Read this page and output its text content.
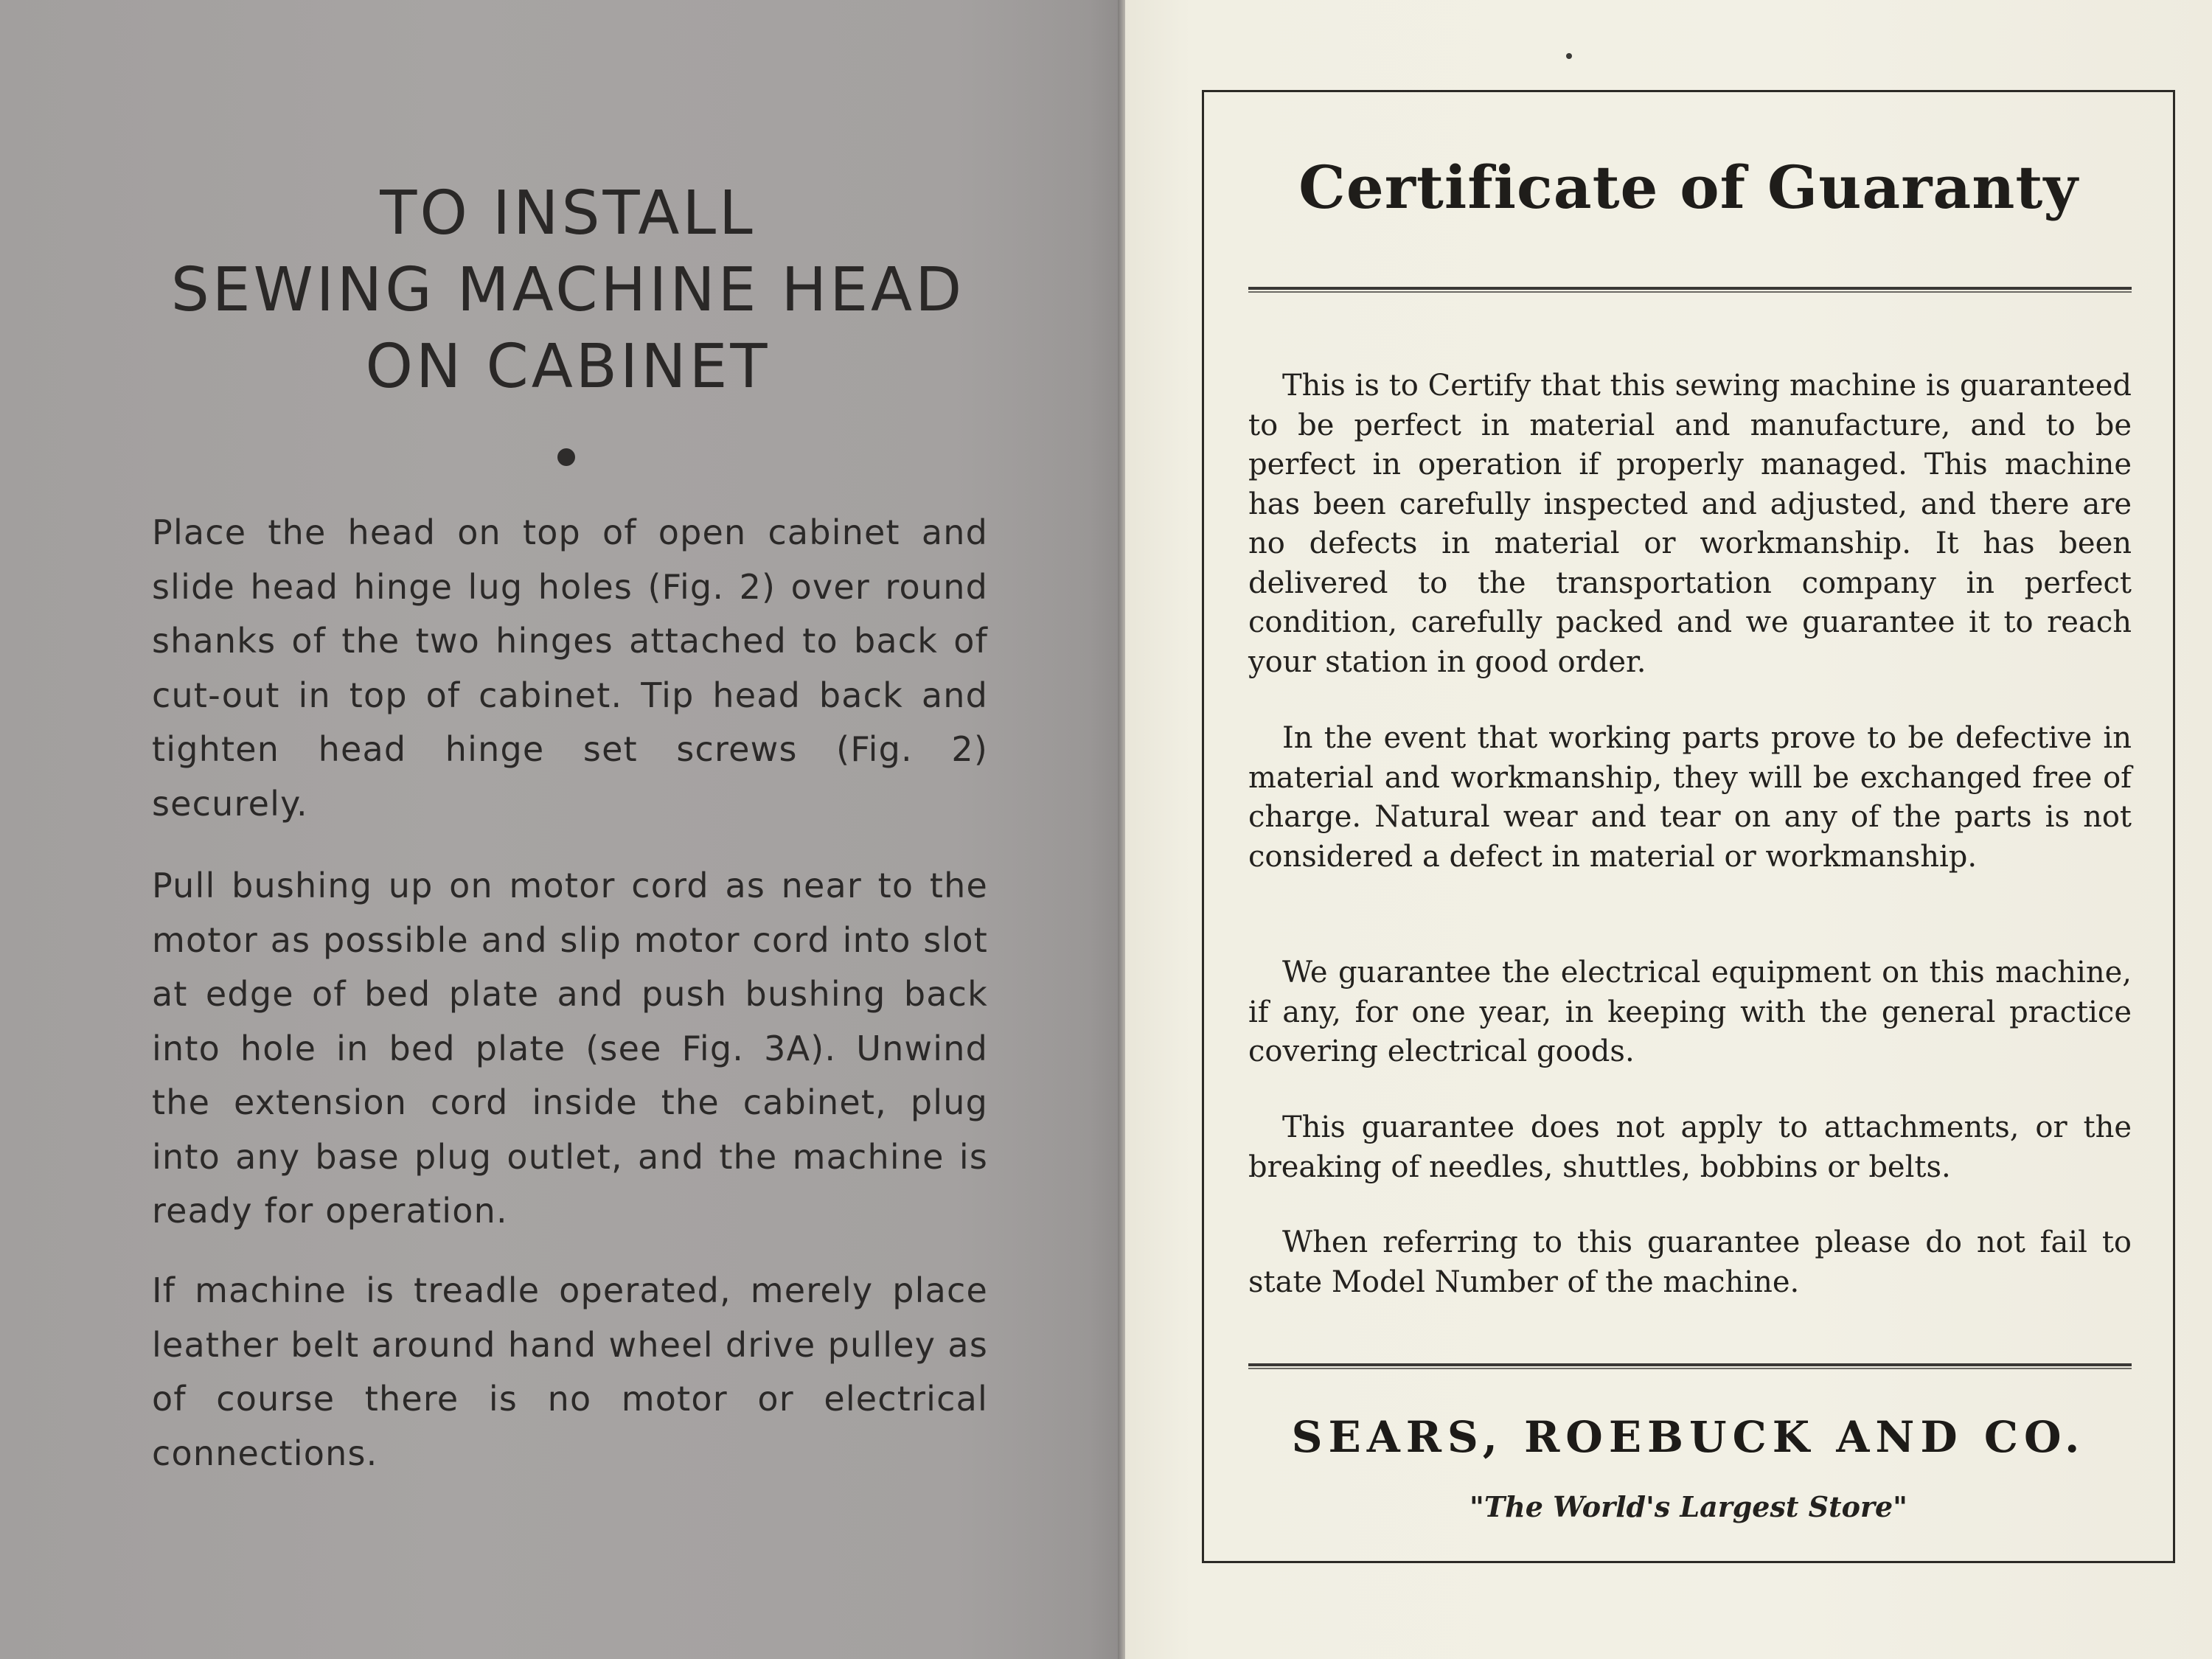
TO INSTALL
SEWING MACHINE HEAD
ON CABINET

Place the head on top of open cabinet and slide head hinge lug holes (Fig. 2) over round shanks of the two hinges attached to back of cut-out in top of cabinet. Tip head back and tighten head hinge set screws (Fig. 2) securely.

Pull bushing up on motor cord as near to the motor as possible and slip motor cord into slot at edge of bed plate and push bushing back into hole in bed plate (see Fig. 3A). Unwind the extension cord inside the cabinet, plug into any base plug outlet, and the machine is ready for operation.

If machine is treadle operated, merely place leather belt around hand wheel drive pulley as of course there is no motor or electrical connections.

Certificate of Guaranty

This is to Certify that this sewing machine is guaranteed to be perfect in material and manufacture, and to be perfect in operation if properly managed. This machine has been carefully inspected and adjusted, and there are no defects in material or workmanship. It has been delivered to the transportation company in perfect condition, carefully packed and we guarantee it to reach your station in good order.

In the event that working parts prove to be defective in material and workmanship, they will be exchanged free of charge. Natural wear and tear on any of the parts is not considered a defect in material or workmanship.

We guarantee the electrical equipment on this machine, if any, for one year, in keeping with the general practice covering electrical goods.

This guarantee does not apply to attachments, or the breaking of needles, shuttles, bobbins or belts.

When referring to this guarantee please do not fail to state Model Number of the machine.

SEARS, ROEBUCK AND CO.

"The World's Largest Store"
